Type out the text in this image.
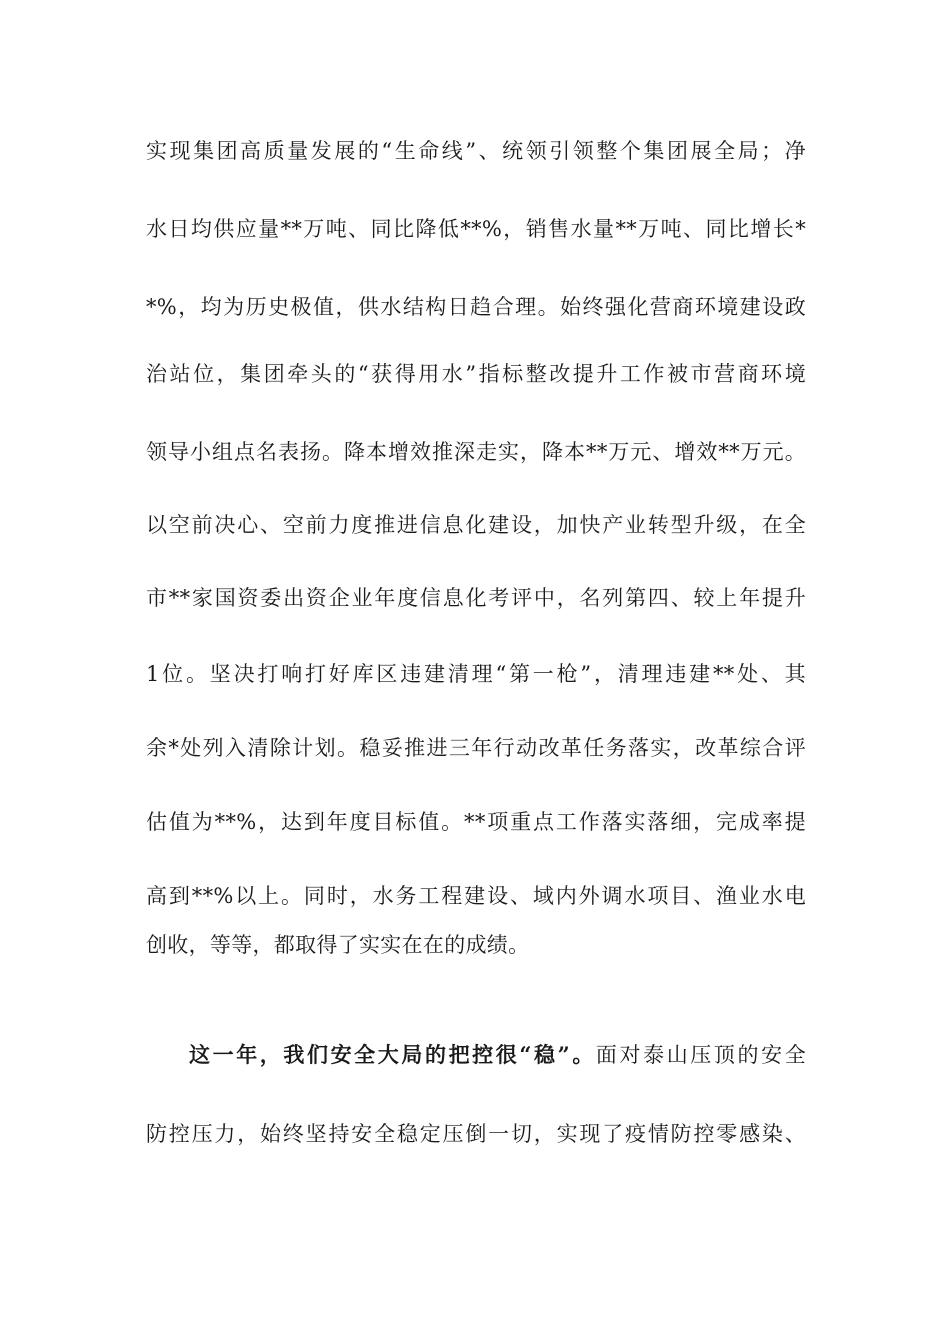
实现集团高质量发展的“生命线”、统领引领整个集团展全局；净
水日均供应量**万吨、同比降低**%，销售水量**万吨、同比增长*
*%，均为历史极值，供水结构日趋合理。始终强化营商环境建设政
治站位，集团牵头的“获得用水”指标整改提升工作被市营商环境
领导小组点名表扬。降本增效推深走实，降本**万元、增效**万元。
以空前决心、空前力度推进信息化建设，加快产业转型升级，在全
市**家国资委出资企业年度信息化考评中，名列第四、较上年提升
1位。坚决打响打好库区违建清理“第一枪”，清理违建**处、其
余*处列入清除计划。稳妥推进三年行动改革任务落实，改革综合评
估值为**%，达到年度目标值。**项重点工作落实落细，完成率提
高到**%以上。同时，水务工程建设、域内外调水项目、渔业水电
创收，等等，都取得了实实在在的成绩。
这一年，我们安全大局的把控很“稳”。面对泰山压顶的安全
防控压力，始终坚持安全稳定压倒一切，实现了疫情防控零感染、
